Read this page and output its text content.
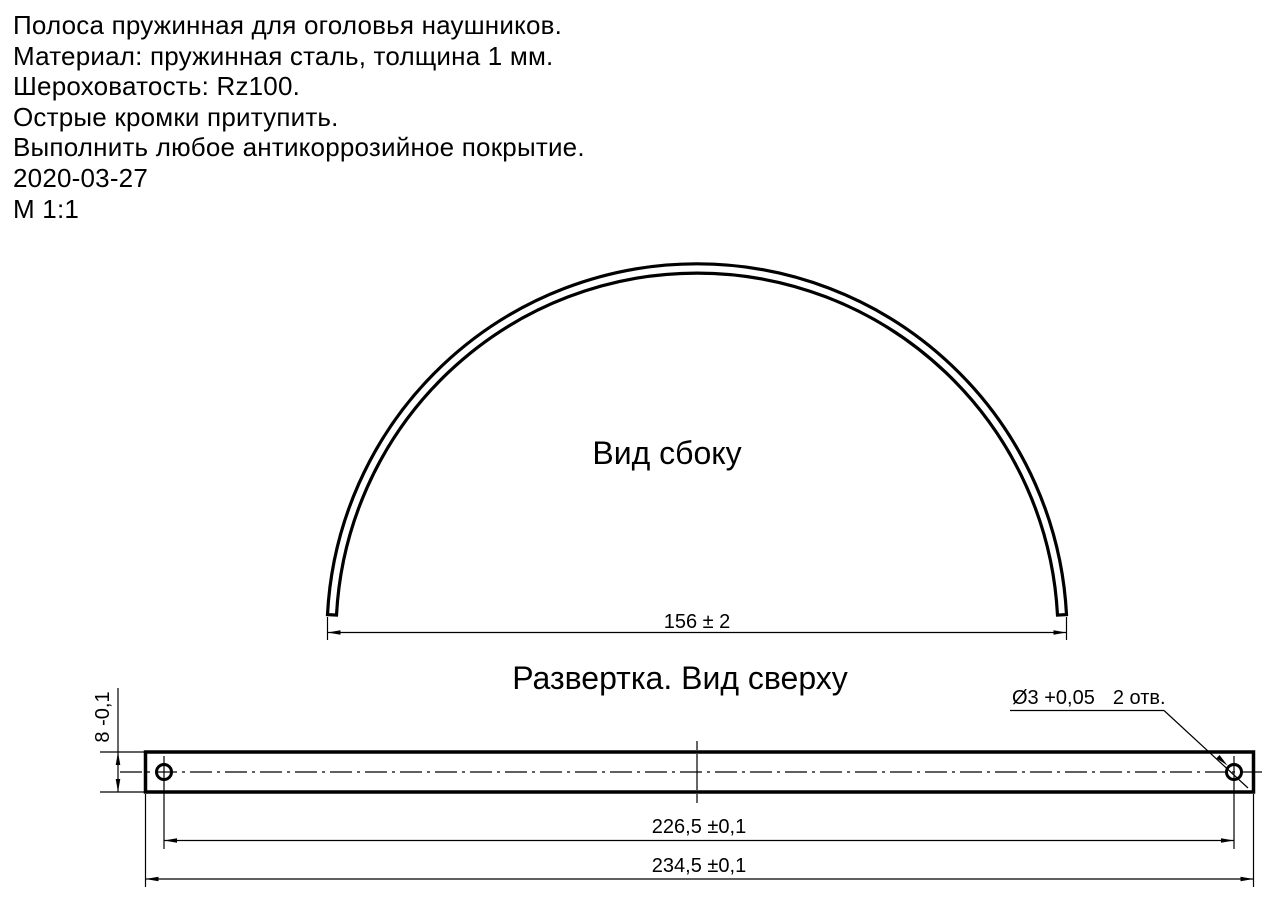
Полоса пружинная для оголовья наушников.
Материал: пружинная сталь, толщина 1 мм.
Шероховатость: Rz100.
Острые кромки притупить.
Выполнить любое антикоррозийное покрытие.
2020-03-27
М 1:1
Вид сбоку
156 ± 2
Развертка. Вид сверху
8 -0,1	Ø3 +0,05 2 отв.
226,5 ±0,1
234,5 ±0,1
